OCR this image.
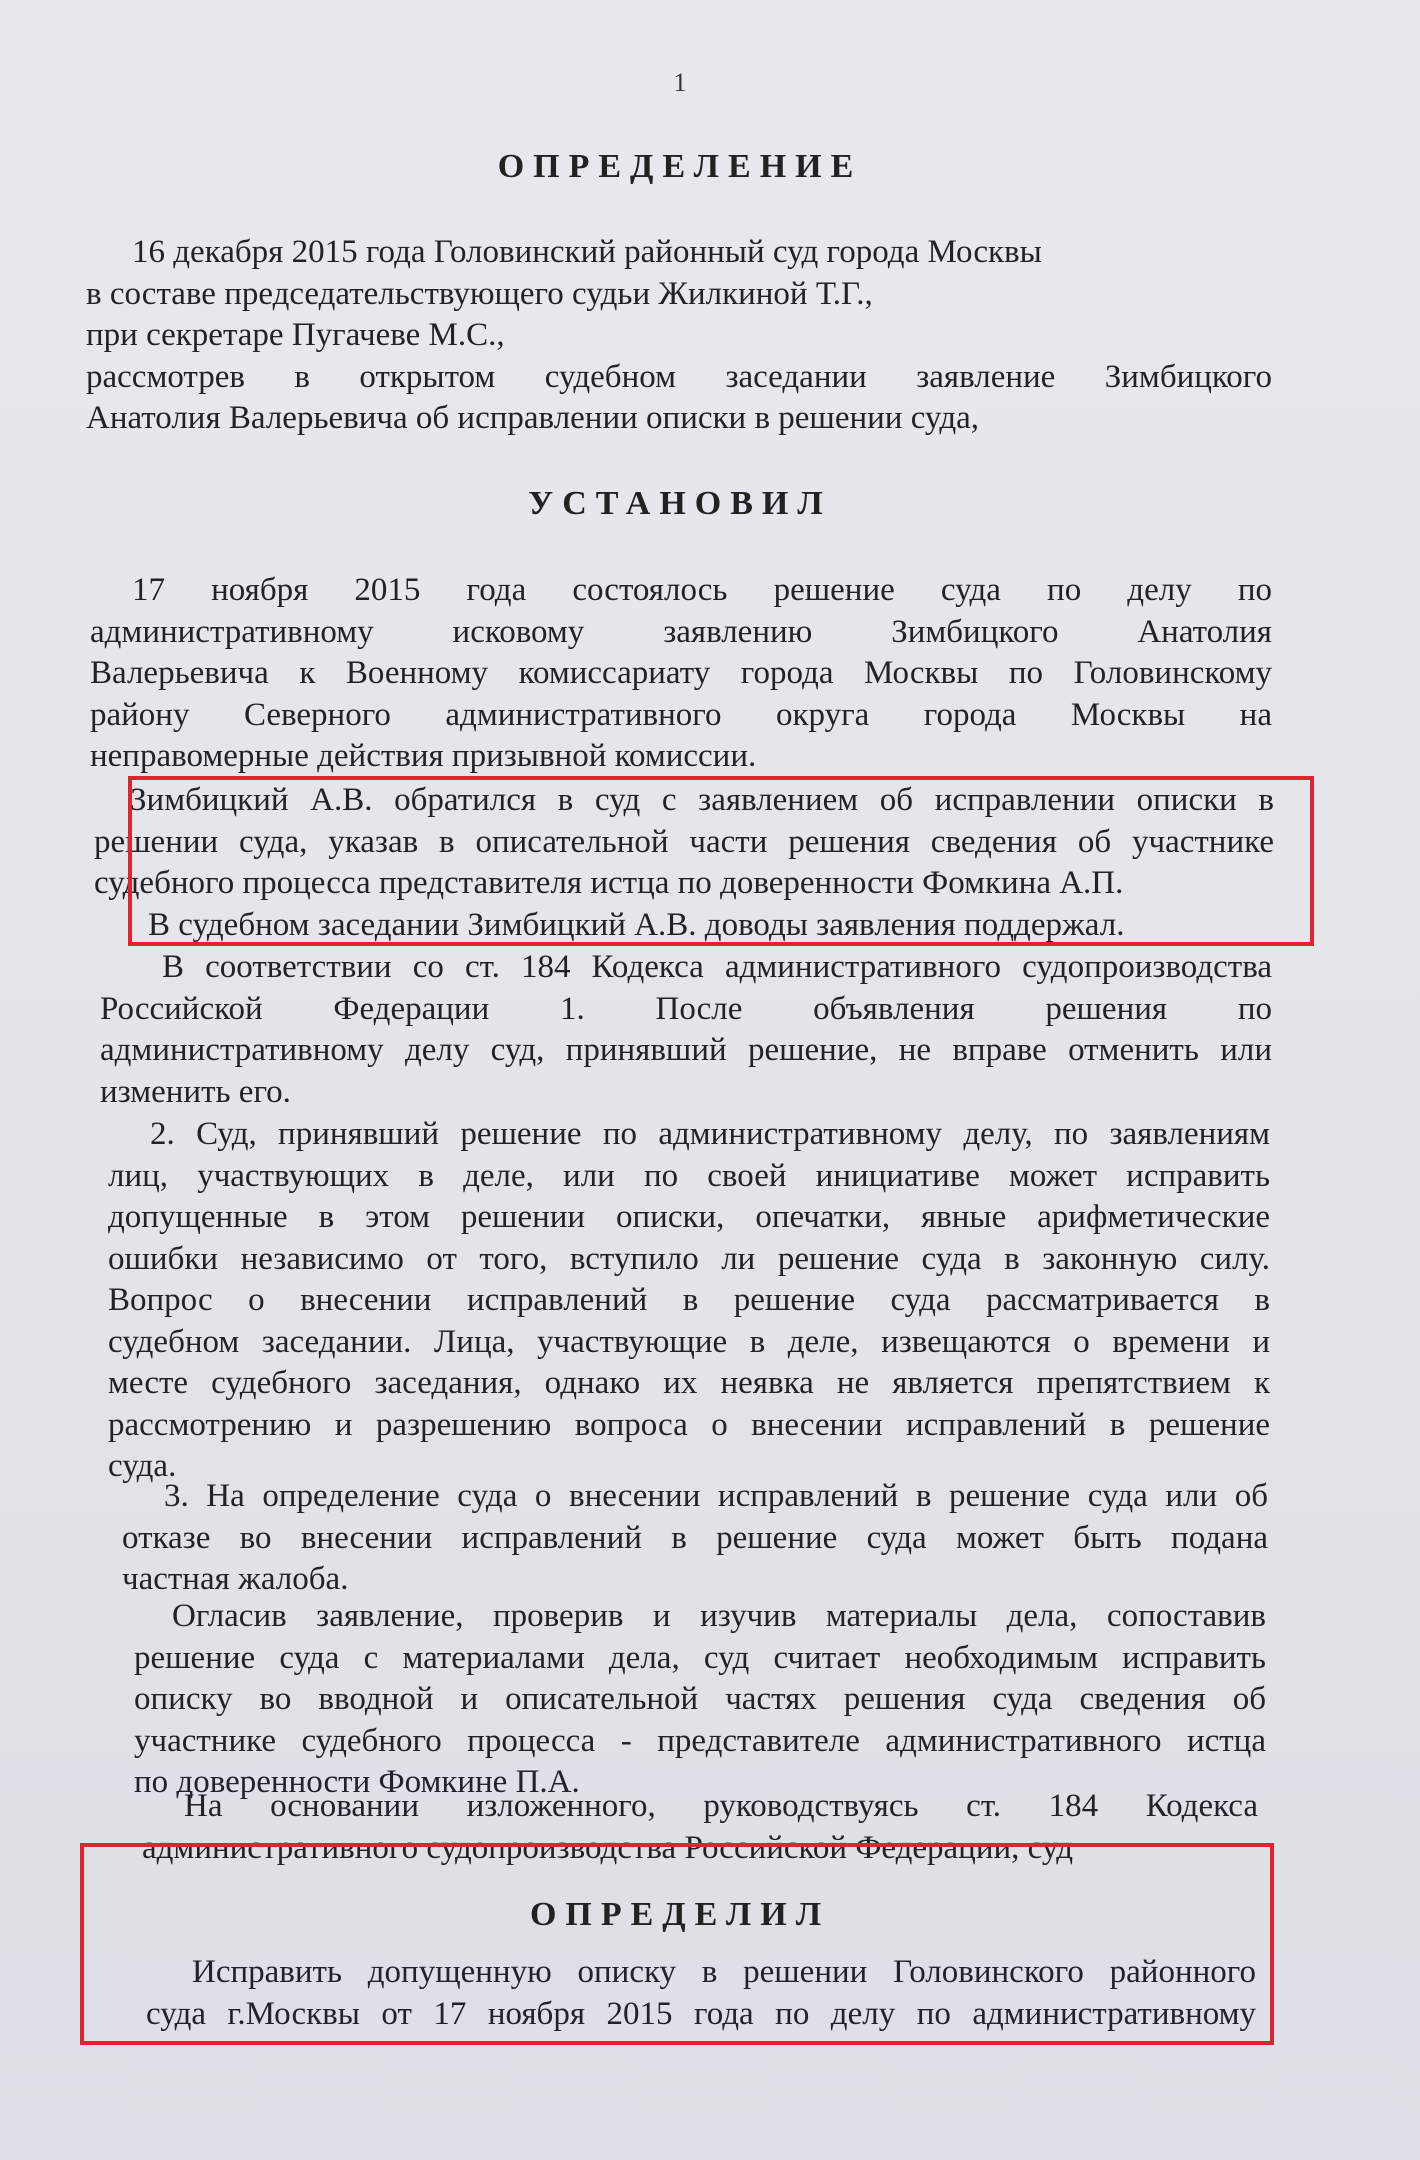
1
ОПРЕДЕЛЕНИЕ
16 декабря 2015 года Головинский районный суд города Москвы
в составе председательствующего судьи Жилкиной Т.Г.,
при секретаре Пугачеве М.С.,
рассмотрев в открытом судебном заседании заявление Зимбицкого
Анатолия Валерьевича об исправлении описки в решении суда,
УСТАНОВИЛ
17 ноября 2015 года состоялось решение суда по делу по
административному исковому заявлению Зимбицкого Анатолия
Валерьевича к Военному комиссариату города Москвы по Головинскому
району Северного административного округа города Москвы на
неправомерные действия призывной комиссии.
Зимбицкий А.В. обратился в суд с заявлением об исправлении описки в
решении суда, указав в описательной части решения сведения об участнике
судебного процесса представителя истца по доверенности Фомкина А.П.
В судебном заседании Зимбицкий А.В. доводы заявления поддержал.
В соответствии со ст. 184 Кодекса административного судопроизводства
Российской Федерации 1. После объявления решения по
административному делу суд, принявший решение, не вправе отменить или
изменить его.
2. Суд, принявший решение по административному делу, по заявлениям
лиц, участвующих в деле, или по своей инициативе может исправить
допущенные в этом решении описки, опечатки, явные арифметические
ошибки независимо от того, вступило ли решение суда в законную силу.
Вопрос о внесении исправлений в решение суда рассматривается в
судебном заседании. Лица, участвующие в деле, извещаются о времени и
месте судебного заседания, однако их неявка не является препятствием к
рассмотрению и разрешению вопроса о внесении исправлений в решение
суда.
3. На определение суда о внесении исправлений в решение суда или об
отказе во внесении исправлений в решение суда может быть подана
частная жалоба.
Огласив заявление, проверив и изучив материалы дела, сопоставив
решение суда с материалами дела, суд считает необходимым исправить
описку во вводной и описательной частях решения суда сведения об
участнике судебного процесса - представителе административного истца
по доверенности Фомкине П.А.
На основании изложенного, руководствуясь ст. 184 Кодекса
административного судопроизводства Российской Федерации, суд
ОПРЕДЕЛИЛ
Исправить допущенную описку в решении Головинского районного
суда г.Москвы от 17 ноября 2015 года по делу по административному
